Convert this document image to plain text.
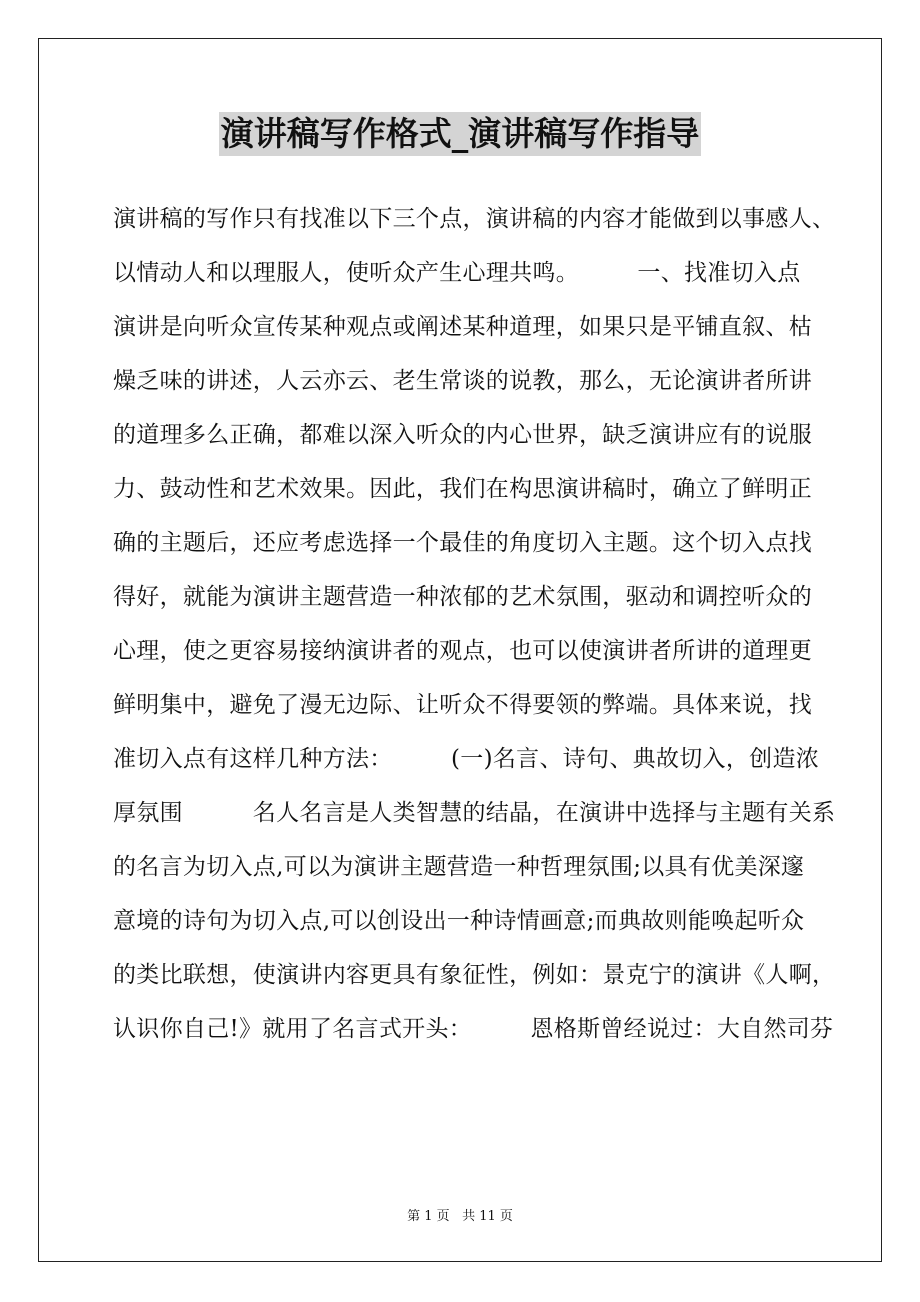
演讲稿写作格式_演讲稿写作指导
演讲稿的写作只有找准以下三个点，演讲稿的内容才能做到以事感人、
以情动人和以理服人，使听众产生心理共鸣。　　　一、找准切入点
演讲是向听众宣传某种观点或阐述某种道理，如果只是平铺直叙、枯
燥乏味的讲述，人云亦云、老生常谈的说教，那么，无论演讲者所讲
的道理多么正确，都难以深入听众的内心世界，缺乏演讲应有的说服
力、鼓动性和艺术效果。因此，我们在构思演讲稿时，确立了鲜明正
确的主题后，还应考虑选择一个最佳的角度切入主题。这个切入点找
得好，就能为演讲主题营造一种浓郁的艺术氛围，驱动和调控听众的
心理，使之更容易接纳演讲者的观点，也可以使演讲者所讲的道理更
鲜明集中，避免了漫无边际、让听众不得要领的弊端。具体来说，找
准切入点有这样几种方法：　　　(一)名言、诗句、典故切入，创造浓
厚氛围　　　名人名言是人类智慧的结晶，在演讲中选择与主题有关系
的名言为切入点,可以为演讲主题营造一种哲理氛围;以具有优美深邃
意境的诗句为切入点,可以创设出一种诗情画意;而典故则能唤起听众
的类比联想，使演讲内容更具有象征性，例如：景克宁的演讲《人啊，
认识你自己!》就用了名言式开头：　　　恩格斯曾经说过：大自然司芬
第 1 页 共 11 页
